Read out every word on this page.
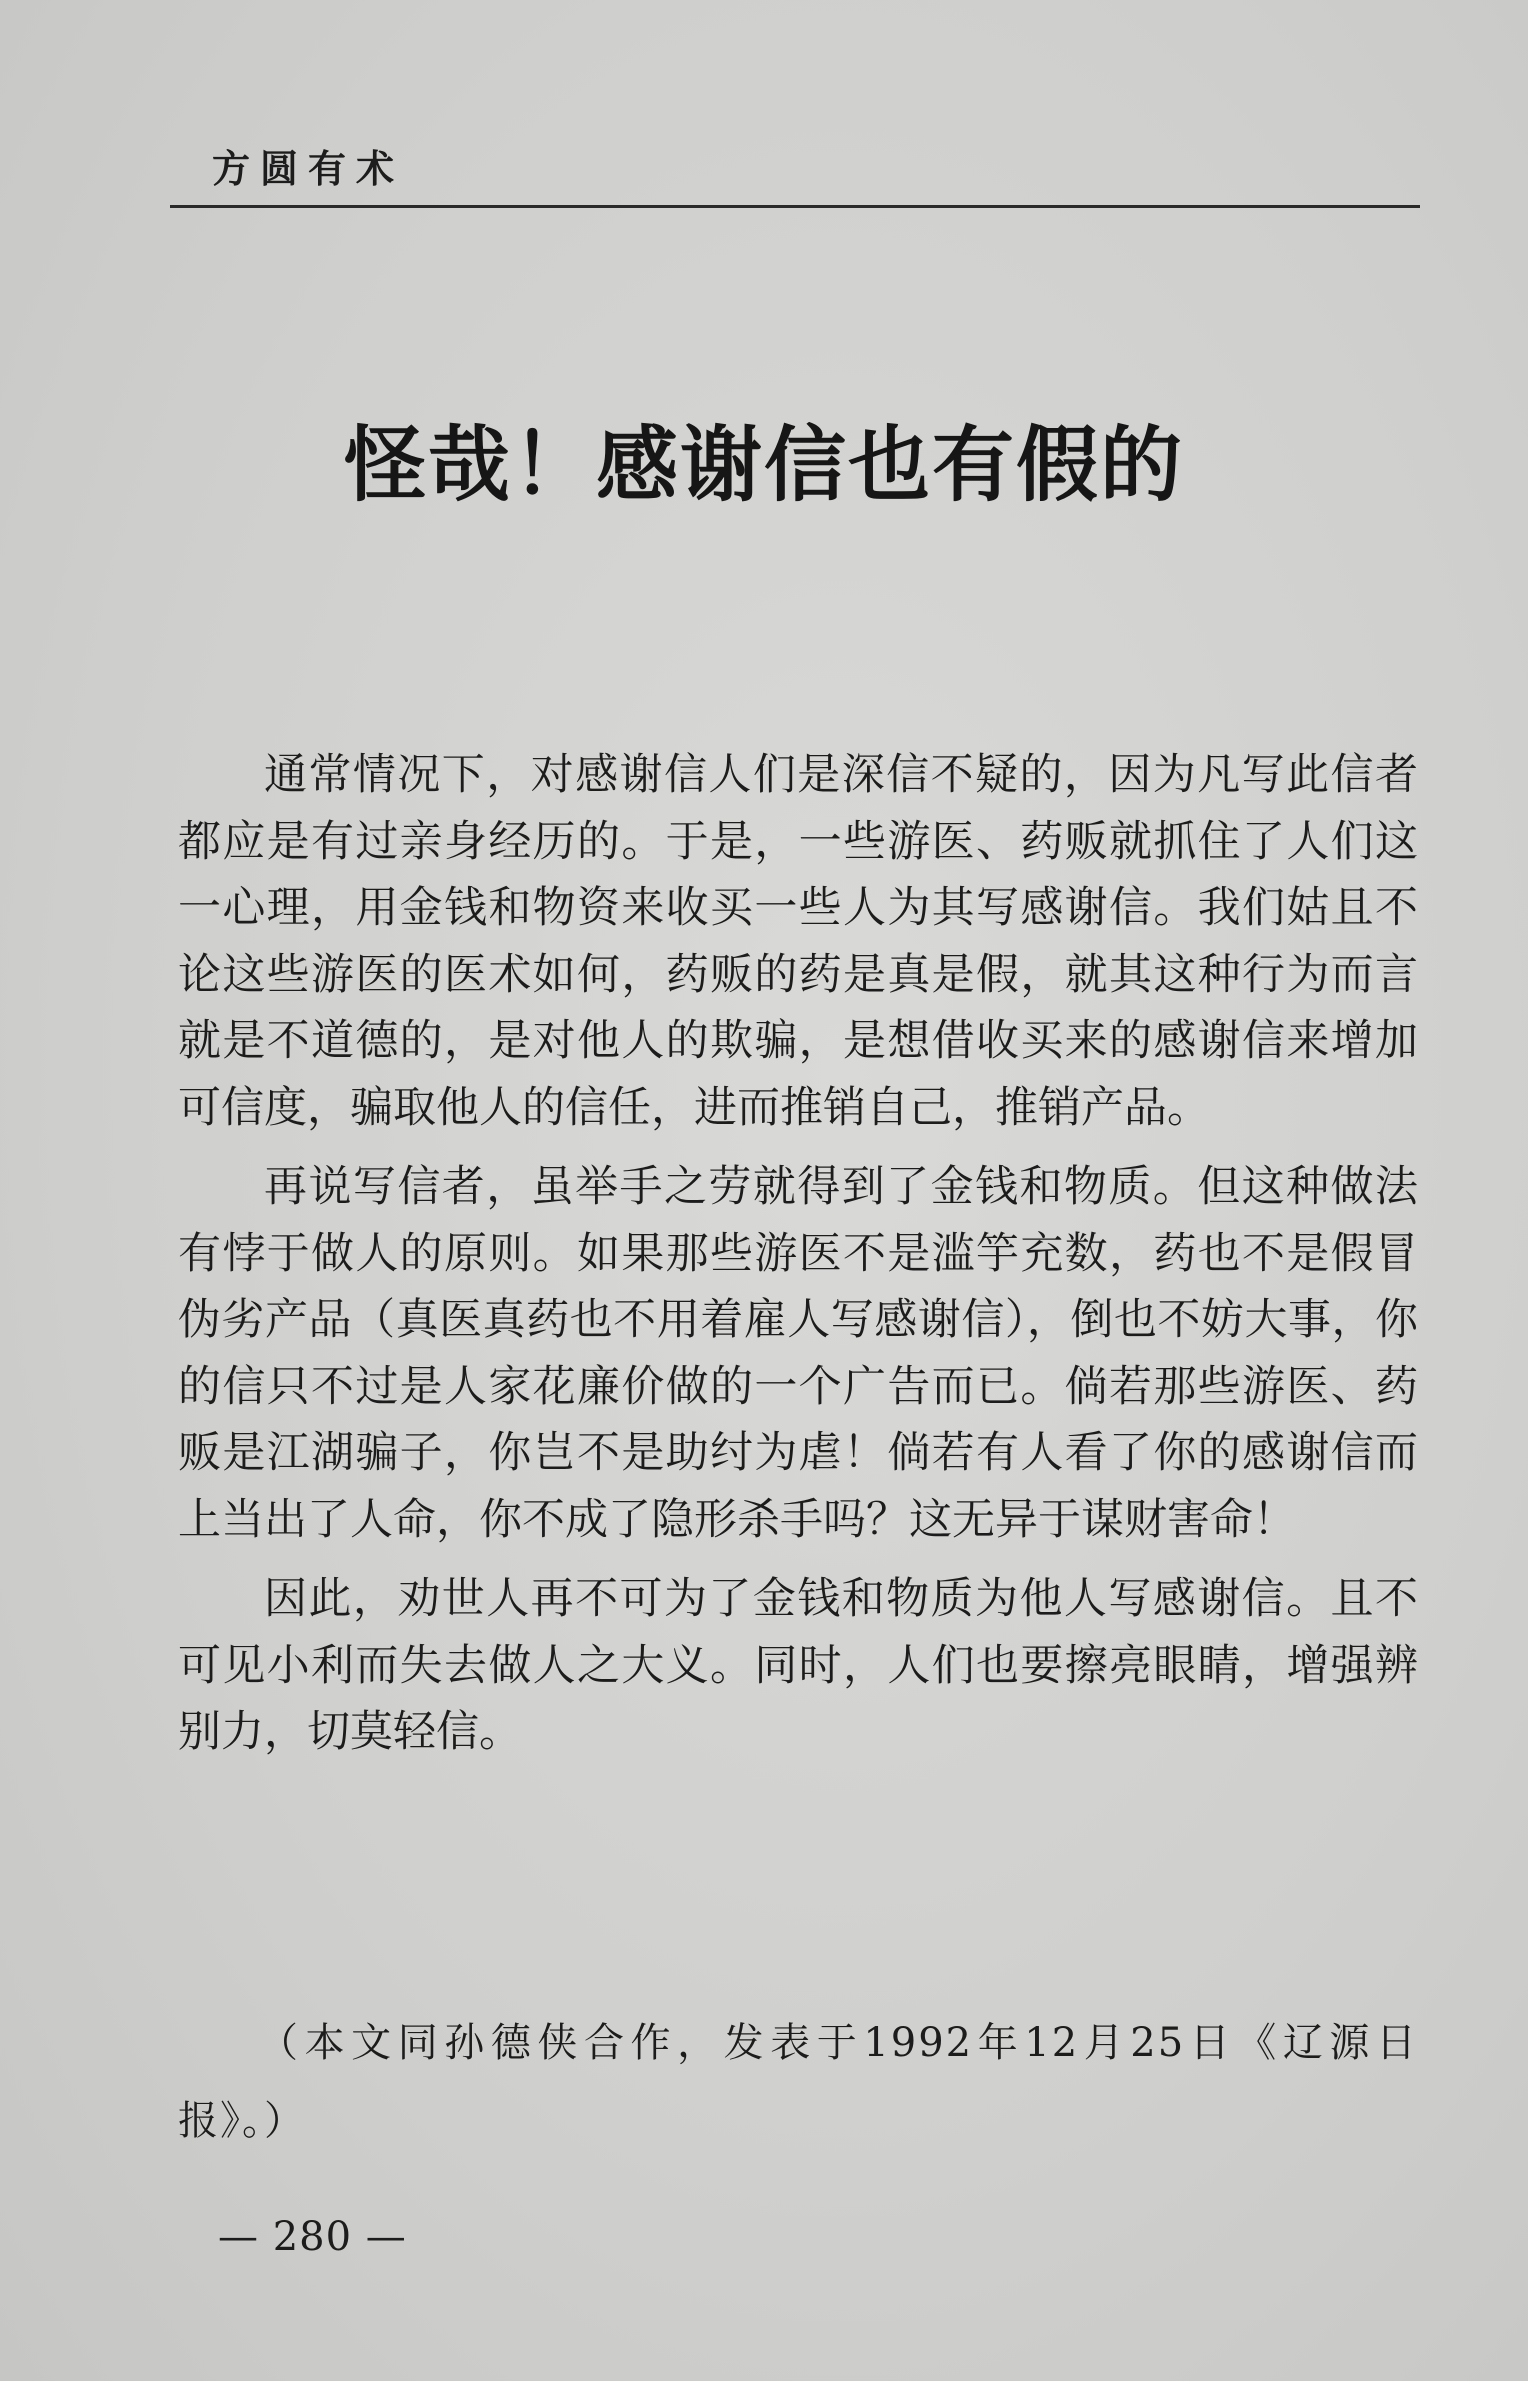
方圆有术
怪哉！感谢信也有假的

通常情况下，对感谢信人们是深信不疑的，因为凡写此信者都应是有过亲身经历的。于是，一些游医、药贩就抓住了人们这一心理，用金钱和物资来收买一些人为其写感谢信。我们姑且不论这些游医的医术如何，药贩的药是真是假，就其这种行为而言就是不道德的，是对他人的欺骗，是想借收买来的感谢信来增加可信度，骗取他人的信任，进而推销自己，推销产品。

再说写信者，虽举手之劳就得到了金钱和物质。但这种做法有悖于做人的原则。如果那些游医不是滥竽充数，药也不是假冒伪劣产品（真医真药也不用着雇人写感谢信），倒也不妨大事，你的信只不过是人家花廉价做的一个广告而已。倘若那些游医、药贩是江湖骗子，你岂不是助纣为虐！倘若有人看了你的感谢信而上当出了人命，你不成了隐形杀手吗？这无异于谋财害命！

因此，劝世人再不可为了金钱和物质为他人写感谢信。且不可见小利而失去做人之大义。同时，人们也要擦亮眼睛，增强辨别力，切莫轻信。

（本文同孙德侠合作，发表于1992年12月25日《辽源日报》。）

— 280 —
